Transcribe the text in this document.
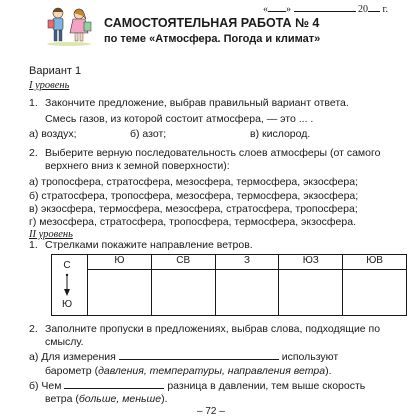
« »	20 г.
САМОСТОЯТЕЛЬНАЯ РАБОТА № 4
по теме «Атмосфера. Погода и климат»
Вариант 1
I уровень
1. Закончите предложение, выбрав правильный вариант ответа.
Смесь газов, из которой состоит атмосфера, — это ... .
а) воздух;	б) азот;	в) кислород.
2. Выберите верную последовательность слоев атмосферы (от самого
верхнего вниз к земной поверхности):
а) тропосфера, стратосфера, мезосфера, термосфера, экзосфера;
б) стратосфера, тропосфера, мезосфера, термосфера, экзосфера;
в) экзосфера, термосфера, мезосфера, стратосфера, тропосфера;
г) мезосфера, стратосфера, тропосфера, термосфера, экзосфера.
II уровень
1. Стрелками покажите направление ветров.
	Ю	СВ	З	ЮЗ	ЮВ

С
Ю
2. Заполните пропуски в предложениях, выбрав слова, подходящие по
смыслу.
а) Для измерения	используют
барометр (давления, температуры, направления ветра).
б) Чем	разница в давлении, тем выше скорость
ветра (больше, меньше).
– 72 –
